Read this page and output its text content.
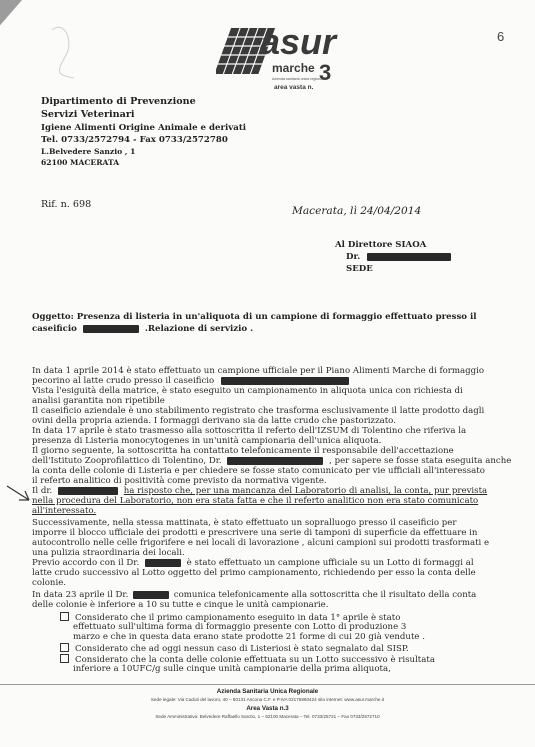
6
asur
marche 3
Azienda sanitaria unica regionale
area vasta n.
Dipartimento di Prevenzione
Servizi Veterinari
Igiene Alimenti Origine Animale e derivati
Tel. 0733/2572794 - Fax 0733/2572780
L.Belvedere Sanzio , 1
62100 MACERATA
Rif. n. 698
Macerata, lì 24/04/2014
Al Direttore SIAOA
Dr.
SEDE
Oggetto: Presenza di listeria in un'aliquota di un campione di formaggio effettuato presso il
caseificio	.Relazione di servizio .
In data 1 aprile 2014 è stato effettuato un campione ufficiale per il Piano Alimenti Marche di formaggio
pecorino al latte crudo presso il caseificio
Vista l'esiguità della matrice, è stato eseguito un campionamento in aliquota unica con richiesta di
analisi garantita non ripetibile
Il caseificio aziendale è uno stabilimento registrato che trasforma esclusivamente il latte prodotto dagli
ovini della propria azienda. I formaggi derivano sia da latte crudo che pastorizzato.
In data 17 aprile è stato trasmesso alla sottoscritta il referto dell'IZSUM di Tolentino che riferiva la
presenza di Listeria monocytogenes in un'unità campionaria dell'unica aliquota.
Il giorno seguente, la sottoscritta ha contattato telefonicamente il responsabile dell'accettazione
dell'Istituto Zooprofilattico di Tolentino, Dr.	, per sapere se fosse stata eseguita anche
la conta delle colonie di Listeria e per chiedere se fosse stato comunicato per vie ufficiali all'interessato
il referto analitico di positività come previsto da normativa vigente.
Il dr.	ha risposto che, per una mancanza del Laboratorio di analisi, la conta, pur prevista
nella procedura del Laboratorio, non era stata fatta e che il referto analitico non era stato comunicato
all'interessato.
Successivamente, nella stessa mattinata, è stato effettuato un sopralluogo presso il caseificio per
imporre il blocco ufficiale dei prodotti e prescrivere una serie di tamponi di superficie da effettuare in
autocontrollo nelle celle frigorifere e nei locali di lavorazione , alcuni campioni sui prodotti trasformati e
una pulizia straordinaria dei locali.
Previo accordo con il Dr.	è stato effettuato un campione ufficiale su un Lotto di formaggi al
latte crudo successivo al Lotto oggetto del primo campionamento, richiedendo per esso la conta delle
colonie.
In data 23 aprile il Dr.	comunica telefonicamente alla sottoscritta che il risultato della conta
delle colonie è inferiore a 10 su tutte e cinque le unità campionarie.
Considerato che il primo campionamento eseguito in data 1° aprile è stato
effettuato sull'ultima forma di formaggio presente con Lotto di produzione 3
marzo e che in questa data erano state prodotte 21 forme di cui 20 già vendute .
Considerato che ad oggi nessun caso di Listeriosi è stato segnalato dal SISP.
Considerato che la conta delle colonie effettuata su un Lotto successivo è risultata
inferiore a 10UFC/g sulle cinque unità campionarie della prima aliquota,
Azienda Sanitaria Unica Regionale
Sede legale: Via Caduti del lavoro, 40 – 60131 Ancona C.F. e P.IVA 02175860424 sito internet: www.asur.marche.it
Area Vasta n.3
Sede Amministrativa: Belvedere Raffaello Sanzio, 1 – 62100 Macerata – Tel. 0733/25721 – Fax 0733/2572710
